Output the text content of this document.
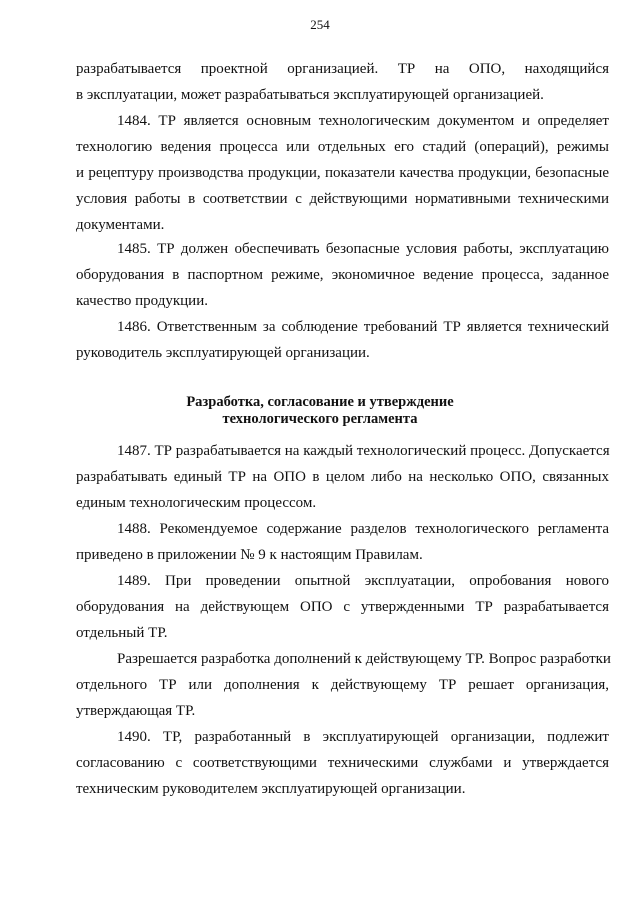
254

разрабатывается проектной организацией. ТР на ОПО, находящийся
в эксплуатации, может разрабатываться эксплуатирующей организацией.

1484. ТР является основным технологическим документом и определяет
технологию ведения процесса или отдельных его стадий (операций), режимы
и рецептуру производства продукции, показатели качества продукции, безопасные
условия работы в соответствии с действующими нормативными техническими
документами.

1485. ТР должен обеспечивать безопасные условия работы, эксплуатацию
оборудования в паспортном режиме, экономичное ведение процесса, заданное
качество продукции.

1486. Ответственным за соблюдение требований ТР является технический
руководитель эксплуатирующей организации.

Разработка, согласование и утверждение
технологического регламента

1487. ТР разрабатывается на каждый технологический процесс. Допускается
разрабатывать единый ТР на ОПО в целом либо на несколько ОПО, связанных
единым технологическим процессом.

1488. Рекомендуемое содержание разделов технологического регламента
приведено в приложении № 9 к настоящим Правилам.

1489. При проведении опытной эксплуатации, опробования нового
оборудования на действующем ОПО с утвержденными ТР разрабатывается
отдельный ТР.

Разрешается разработка дополнений к действующему ТР. Вопрос разработки
отдельного ТР или дополнения к действующему ТР решает организация,
утверждающая ТР.

1490. ТР, разработанный в эксплуатирующей организации, подлежит
согласованию с соответствующими техническими службами и утверждается
техническим руководителем эксплуатирующей организации.
